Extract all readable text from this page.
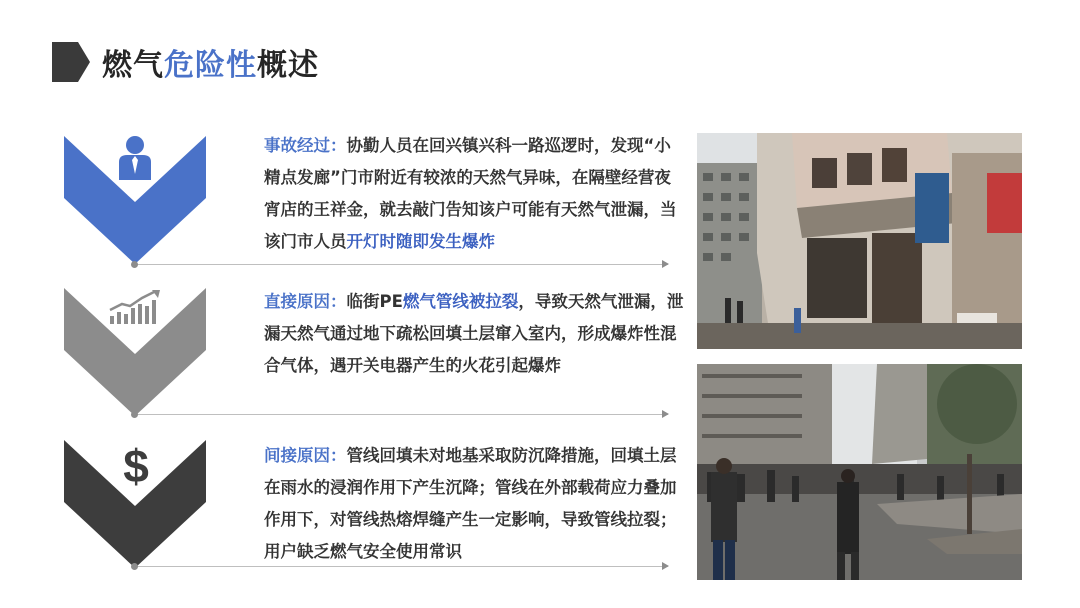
燃气危险性概述
事故经过：协勤人员在回兴镇兴科一路巡逻时，发现“小精点发廊”门市附近有较浓的天然气异味，在隔壁经营夜宵店的王祥金，就去敲门告知该户可能有天然气泄漏，当该门市人员开灯时随即发生爆炸
直接原因：临街PE燃气管线被拉裂，导致天然气泄漏，泄漏天然气通过地下疏松回填土层窜入室内，形成爆炸性混合气体，遇开关电器产生的火花引起爆炸
$	间接原因：管线回填未对地基采取防沉降措施，回填土层在雨水的浸润作用下产生沉降；管线在外部载荷应力叠加作用下，对管线热熔焊缝产生一定影响，导致管线拉裂；用户缺乏燃气安全使用常识
